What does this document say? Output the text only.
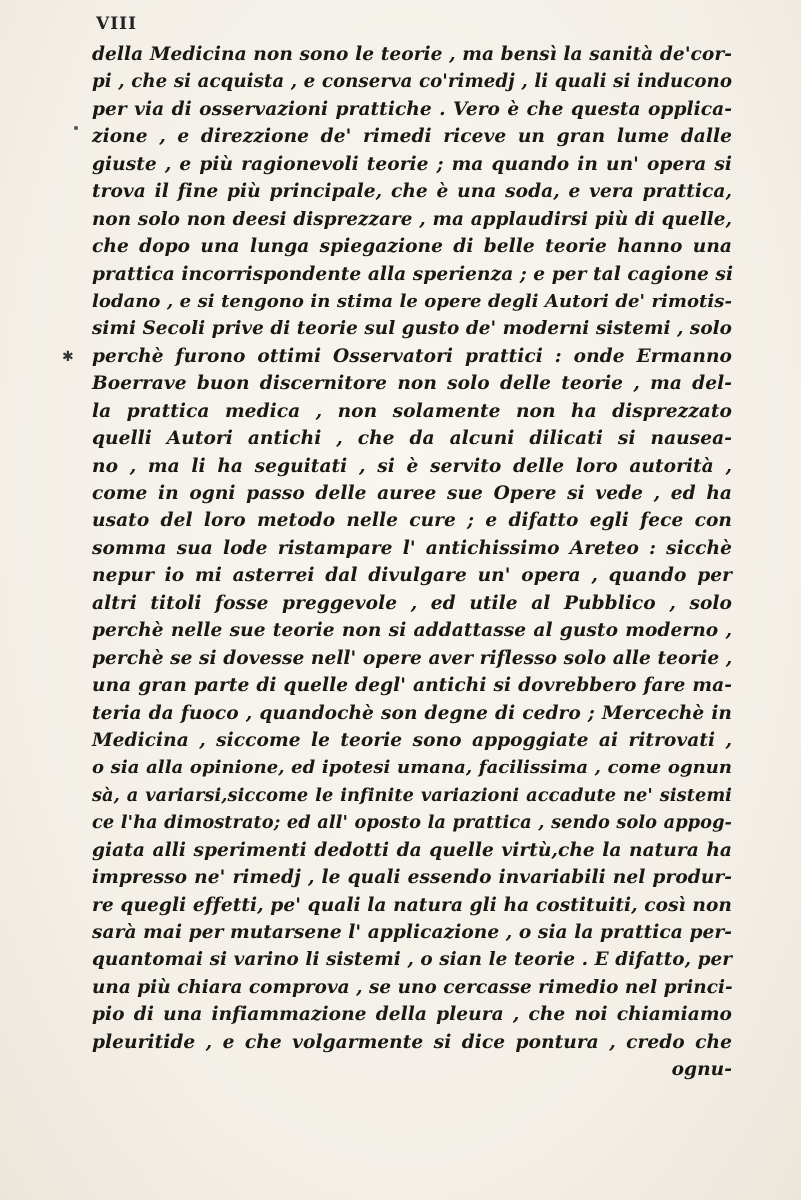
VIII
✱
della Medicina non sono le teorie , ma bensì la sanità de'cor-
pi , che si acquista , e conserva co'rimedj , li quali si inducono
per via di osservazioni prattiche . Vero è che questa opplica-
zione , e direzzione de' rimedi riceve un gran lume dalle
giuste , e più ragionevoli teorie ; ma quando in un' opera si
trova il fine più principale, che è una soda, e vera prattica,
non solo non deesi disprezzare , ma applaudirsi più di quelle,
che dopo una lunga spiegazione di belle teorie hanno una
prattica incorrispondente alla sperienza ; e per tal cagione si
lodano , e si tengono in stima le opere degli Autori de' rimotis-
simi Secoli prive di teorie sul gusto de' moderni sistemi , solo
perchè furono ottimi Osservatori prattici : onde Ermanno
Boerrave buon discernitore non solo delle teorie , ma del-
la prattica medica , non solamente non ha disprezzato
quelli Autori antichi , che da alcuni dilicati si nausea-
no , ma li ha seguitati , si è servito delle loro autorità ,
come in ogni passo delle auree sue Opere si vede , ed ha
usato del loro metodo nelle cure ; e difatto egli fece con
somma sua lode ristampare l' antichissimo Areteo : sicchè
nepur io mi asterrei dal divulgare un' opera , quando per
altri titoli fosse preggevole , ed utile al Pubblico , solo
perchè nelle sue teorie non si addattasse al gusto moderno ,
perchè se si dovesse nell' opere aver riflesso solo alle teorie ,
una gran parte di quelle degl' antichi si dovrebbero fare ma-
teria da fuoco , quandochè son degne di cedro ; Mercechè in
Medicina , siccome le teorie sono appoggiate ai ritrovati ,
o sia alla opinione, ed ipotesi umana, facilissima , come ognun
sà, a variarsi,siccome le infinite variazioni accadute ne' sistemi
ce l'ha dimostrato; ed all' oposto la prattica , sendo solo appog-
giata alli sperimenti dedotti da quelle virtù,che la natura ha
impresso ne' rimedj , le quali essendo invariabili nel produr-
re quegli effetti, pe' quali la natura gli ha costituiti, così non
sarà mai per mutarsene l' applicazione , o sia la prattica per-
quantomai si varino li sistemi , o sian le teorie . E difatto, per
una più chiara comprova , se uno cercasse rimedio nel princi-
pio di una infiammazione della pleura , che noi chiamiamo
pleuritide , e che volgarmente si dice pontura , credo che
ognu-
